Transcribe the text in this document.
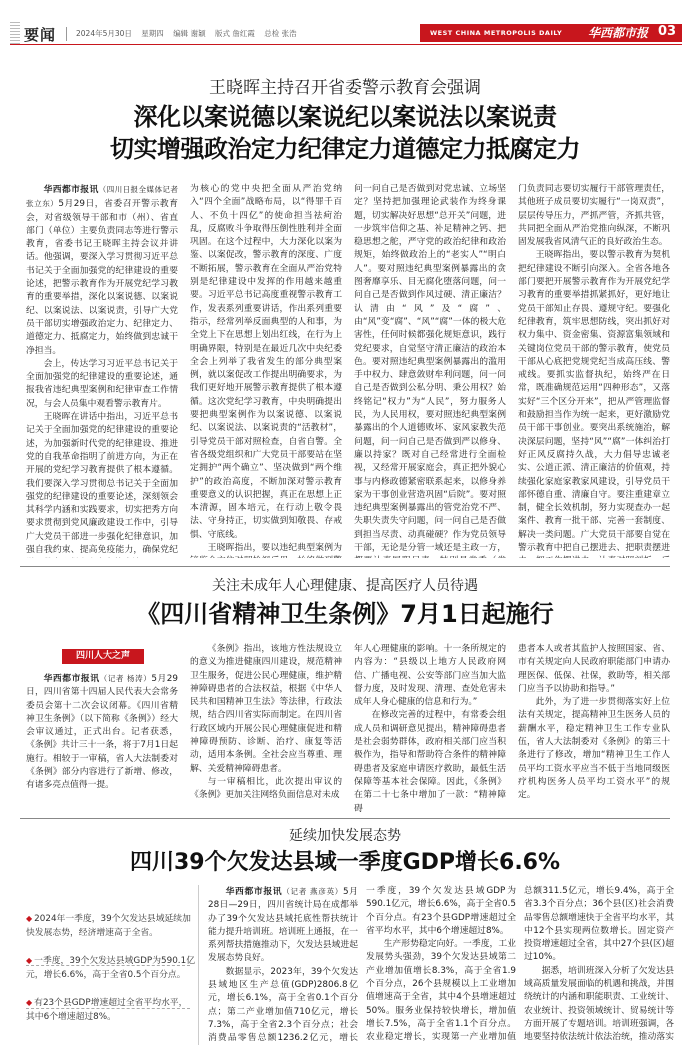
要闻	2024年5月30日 星期四 编辑 谢颖 版式 詹红霞 总检 张浩	WEST CHINA METROPOLIS DAILY 华西都市报 03
王晓晖主持召开省委警示教育会强调
深化以案说德以案说纪以案说法以案说责
切实增强政治定力纪律定力道德定力抵腐定力

华西都市报讯（四川日报全媒体记者 张立东）5月29日，省委召开警示教育会，对省级领导干部和市（州）、省直部门（单位）主要负责同志等进行警示教育，省委书记王晓晖主持会议并讲话。他强调，要深入学习贯彻习近平总书记关于全面加强党的纪律建设的重要论述，把警示教育作为开展党纪学习教育的重要举措，深化以案说德、以案说纪、以案说法、以案说责，引导广大党员干部切实增强政治定力、纪律定力、道德定力、抵腐定力，始终做到忠诚干净担当。

会上，传达学习习近平总书记关于全面加强党的纪律建设的重要论述，通报我省违纪典型案例和纪律审查工作情况，与会人员集中观看警示教育片。

王晓晖在讲话中指出，习近平总书记关于全面加强党的纪律建设的重要论述，为加强新时代党的纪律建设、推进党的自我革命指明了前进方向，为正在开展的党纪学习教育提供了根本遵循。我们要深入学习贯彻总书记关于全面加强党的纪律建设的重要论述，深刻领会其科学内涵和实践要求，切实把秀方向要求贯彻到党风廉政建设工作中，引导广大党员干部进一步强化纪律意识，加强自我约束、提高免疫能力，确保党纪

为核心的党中央把全面从严治党纳入“四个全面”战略布局，以“得罪千百人、不负十四亿”的使命担当祛疴治乱，反腐败斗争取得压倒性胜利并全面巩固。在这个过程中，大力深化以案为鉴、以案促改，警示教育的深度、广度不断拓展，警示教育在全面从严治党特别是纪律建设中发挥的作用越来越重要。习近平总书记高度重视警示教育工作，发表系列重要讲话，作出系列重要指示，经常列举反面典型的人和事，为全党上下在思想上划出红线，在行为上明确界限，特别是在最近几次中央纪委全会上列举了我省发生的部分典型案例，就以案促改工作提出明确要求，为我们更好地开展警示教育提供了根本遵循。这次党纪学习教育，中央明确提出要把典型案例作为以案说德、以案说纪、以案说法、以案说责的“活教材”，引导党员干部对照检查，自省自警。全省各级党组织和广大党员干部要站在坚定拥护“两个确立”、坚决做到“两个维护”的政治高度，不断加深对警示教育重要意义的认识把握，真正在思想上正本清源，固本培元，在行动上敬令畏法、守身持正，切实做到知敬畏、存戒惧、守底线。

王晓晖指出，要以违纪典型案例为

问一问自己是否做到对党忠诚、立场坚定？坚持把加强理论武装作为终身课题，切实解决好思想“总开关”问题，进一步筑牢信仰之基、补足精神之钙、把稳思想之舵，严守党的政治纪律和政治规矩，始终做政治上的“老实人”“明白人”。要对照违纪典型案例暴露出的贪图奢靡享乐、目无腐化堕落问题，问一问自己是否做到作风过硬、清正廉洁？认清由“风”及“腐”、由“风”变“腐”、“风”“腐”一体的极大危害性，任何时候都强化规矩意识，践行党纪要求，自觉坚守清正廉洁的政治本色。要对照违纪典型案例暴露出的滥用手中权力、肆意敛财牟利问题，问一问自己是否做到公私分明、秉公用权？始终铭记“权力”为“人民”，努力服务人民，为人民用权，要对照违纪典型案例暴露出的个人道德败坏、家风家教失范问题，问一问自己是否做到严以修身、廉以持家？既对自己经常进行全面检视，又经常开展家庭会，真正把外貌心事与内修政德紧密联系起来，以修身养家为干事创业营造巩固“后院”。要对照违纪典型案例暴露出的管党治党不严、失职失责失守问题，问一问自己是否做到担当尽责、动真碰硬？作为党员领导干部，无论是分管一域还是主政一方，

门负责同志要切实履行干部管理责任，其他班子成员要切实履行“一岗双责”，层层传导压力，严抓严管，齐抓共管，共同把全面从严治党推向纵深，不断巩固发展我省风清气正的良好政治生态。

王晓晖指出，要以警示教育为契机把纪律建设不断引向深入。全省各地各部门要把开展警示教育作为开展党纪学习教育的重要举措抓紧抓好，更好地让党员干部知止存畏、遵规守纪。要强化纪律教育，筑牢思想防线，突出抓好对权力集中、资金密集、资源富集领域和关键岗位党员干部的警示教育，使党员干部从心底把党规党纪当成高压线、警戒线。要抓实监督执纪，始终严在日常，既准确规范运用“四种形态”，又落实好“三个区分开来”，把从严管理监督和鼓励担当作为统一起来，更好激励党员干部干事创业。要突出系统施治，解决深层问题，坚持“风”“腐”一体纠治打好正风反腐持久战，大力倡导忠诚老实、公道正派、清正廉洁的价值观，持续强化家庭家教家风建设，引导党员干部怀德自重、清廉自守。要注重建章立制，健全长效机制，努力实现查办一起案件、教育一批干部、完善一套制度、解决一类问题。广大党员干部要自觉在警示教育中把自己摆进去、把职责摆进

关注未成年人心理健康、提高医疗人员待遇
《四川省精神卫生条例》7月1日起施行
四川人大之声

华西都市报讯（记者 杨涛）5月29日，四川省第十四届人民代表大会常务委员会第十二次会议闭幕。《四川省精神卫生条例》（以下简称《条例》）经大会审议通过，正式出台。记者获悉，《条例》共计三十一条，将于7月1日起施行。相较于一审稿，省人大法制委对《条例》部分内容进行了新增、修改，有诸多亮点值得一提。

《条例》指出，该地方性法规设立的意义为推进健康四川建设，规范精神卫生服务，促进公民心理健康，维护精神障碍患者的合法权益，根据《中华人民共和国精神卫生法》等法律，行政法规，结合四川省实际而制定。在四川省行政区域内开展公民心理健康促进和精神障碍预防、诊断、治疗、康复等活动，适用本条例。全社会应当尊重、理解、关爱精神障碍患者。

与一审稿相比，此次提出审议的《条例》更加关注网络负面信息对未成

年人心理健康的影响。十一条所规定的内容为：“县级以上地方人民政府网信、广播电视、公安等部门应当加大监督力度，及时发现、清理、查处危害未成年人身心健康的信息和行为。”

在修改完善的过程中，有常委会组成人员和调研意见提出，精神障碍患者是社会弱势群体，政府相关部门应当积极作为，指导和帮助符合条件的精神障碍患者及家庭申请医疗救助，最低生活保障等基本社会保障。因此，《条例》在第二十七条中增加了一款：“精神障碍

患者本人或者其监护人按照国家、省、市有关规定向人民政府职能部门申请办理医保、低保、社保，救助等，相关部门应当予以协助和指导。”

此外，为了进一步贯彻落实好上位法有关规定，提高精神卫生医务人员的薪酬水平，稳定精神卫生工作专业队伍，省人大法制委对《条例》的第三十条进行了修改，增加“精神卫生工作人员平均工资水平应当不低于当地同级医疗机构医务人员平均工资水平”的规定。

延续加快发展态势
四川39个欠发达县域一季度GDP增长6.6%
◆ 2024年一季度，39个欠发达县域延续加快发展态势，经济增速高于全省。
◆ 一季度，39个欠发达县域GDP为590.1亿元，增长6.6%，高于全省0.5个百分点。
◆ 有23个县GDP增速超过全省平均水平，其中6个增速超过8%。

华西都市报讯（记者 燕彦英）5月28日—29日，四川省统计局在成都举办了39个欠发达县域托底性帮扶统计能力提升培训班。培训班上通报，在一系列帮扶措施推动下，欠发达县域进起发展态势良好。

数据显示，2023年，39个欠发达县域地区生产总值(GDP)2806.8亿元，增长6.1%，高于全省0.1个百分点；第二产业增加值710亿元，增长7.3%，高于全省2.3个百分点；社会消费品零售总额1236.2亿元，增长

一季度，39个欠发达县域GDP为590.1亿元，增长6.6%，高于全省0.5个百分点。有23个县GDP增速超过全省平均水平，其中6个增速超过8%。

生产形势稳定向好。一季度，工业发展势头强劲，39个欠发达县域第二产业增加值增长8.3%，高于全省1.9个百分点，26个县规模以上工业增加值增速高于全省，其中4个县增速超过50%。服务业保持较快增长，增加值增长7.5%，高于全省1.1个百分点。农业稳定增长，实现第一产业增加值

总额311.5亿元，增长9.4%，高于全省3.3个百分点；36个县(区)社会消费品零售总额增速快于全省平均水平，其中12个县实现两位数增长。固定资产投资增速超过全省，其中27个县(区)超过10%。

据悉，培训班深入分析了欠发达县域高质量发展面临的机遇和挑战，并围绕统计的内涵和职能职责、工业统计、农业统计、投资领域统计、贸易统计等方面开展了专题培训。培训班强调，各地要坚持依法统计依法治统，推动落实
